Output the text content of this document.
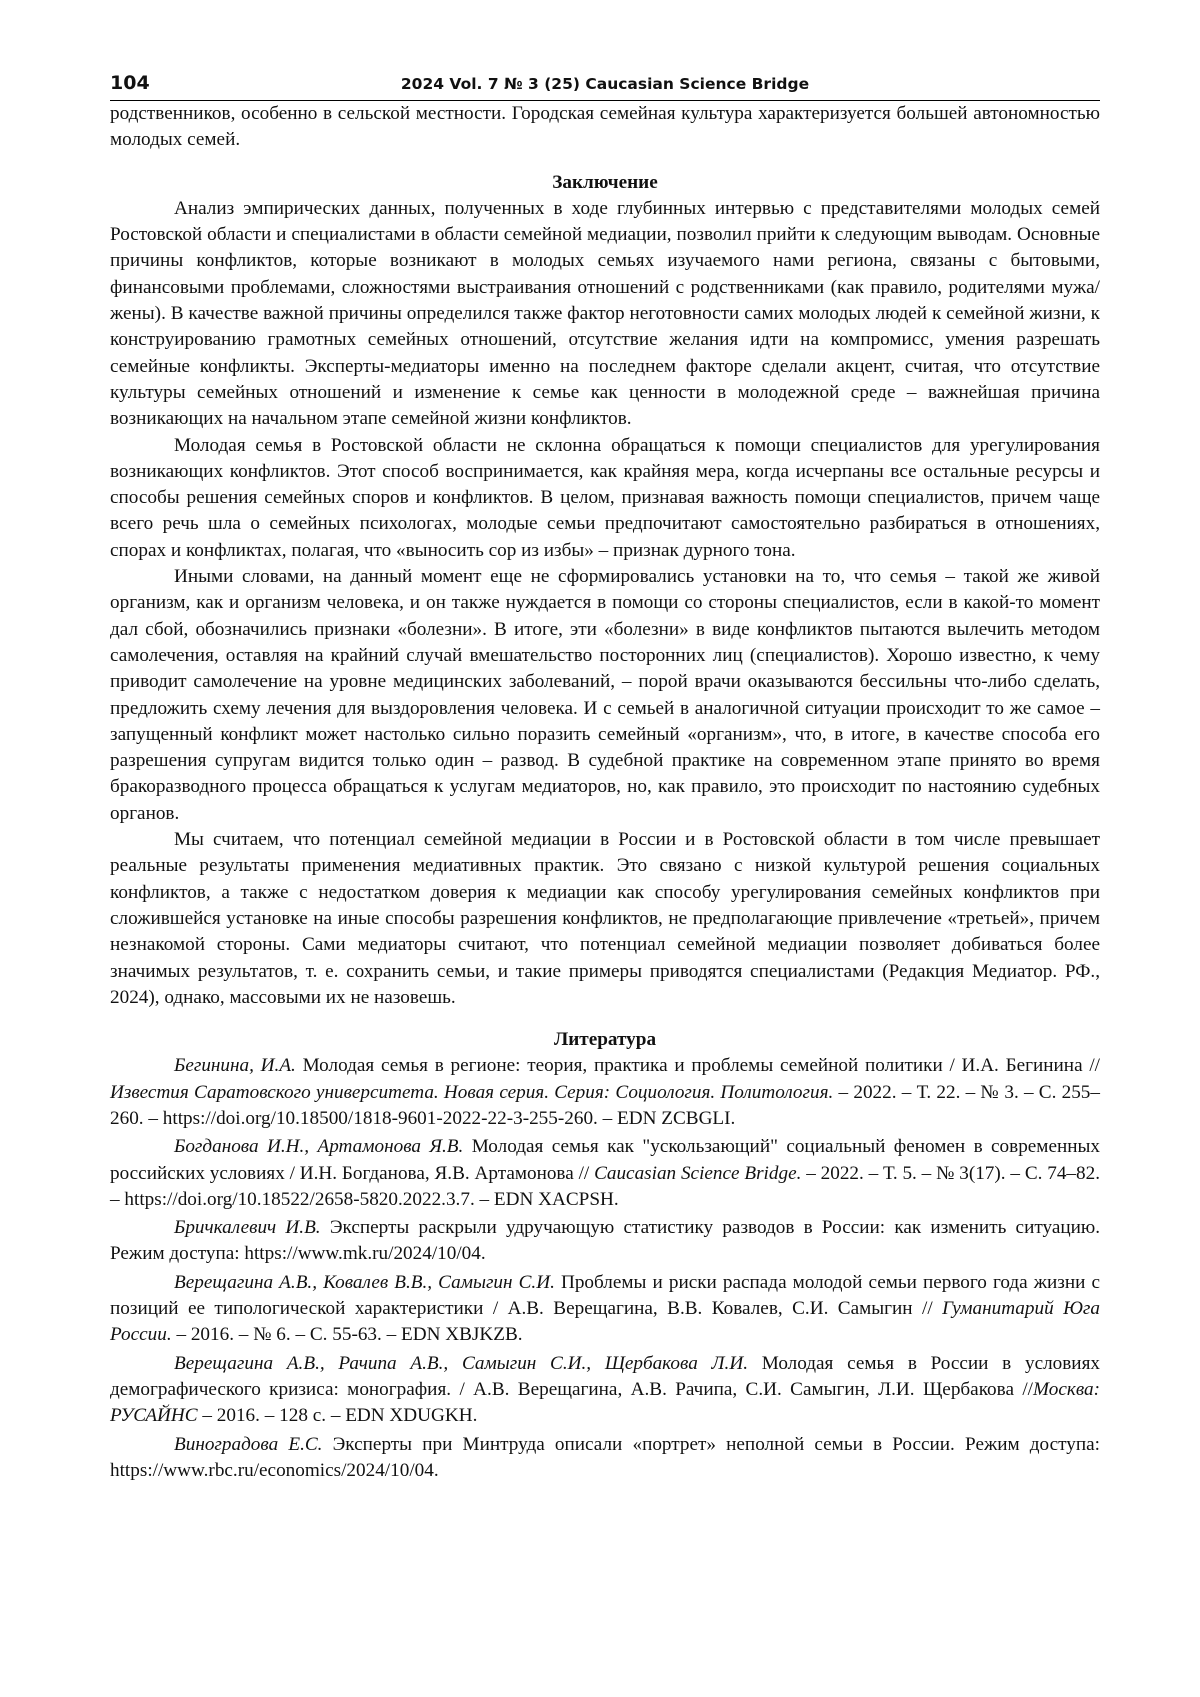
104	2024 Vol. 7 № 3 (25) Caucasian Science Bridge

родственников, особенно в сельской местности. Городская семейная культура характеризуется большей автономностью молодых семей.

Заключение

Анализ эмпирических данных, полученных в ходе глубинных интервью с представителями молодых семей Ростовской области и специалистами в области семейной медиации, позволил прийти к следующим выводам. Основные причины конфликтов, которые возникают в молодых семьях изучаемого нами региона, связаны с бытовыми, финансовыми проблемами, сложностями выстраивания отношений с родственниками (как правило, родителями мужа/жены). В качестве важной причины определился также фактор неготовности самих молодых людей к семейной жизни, к конструированию грамотных семейных отношений, отсутствие желания идти на компромисс, умения разрешать семейные конфликты. Эксперты-медиаторы именно на последнем факторе сделали акцент, считая, что отсутствие культуры семейных отношений и изменение к семье как ценности в молодежной среде – важнейшая причина возникающих на начальном этапе семейной жизни конфликтов.

Молодая семья в Ростовской области не склонна обращаться к помощи специалистов для урегулирования возникающих конфликтов. Этот способ воспринимается, как крайняя мера, когда исчерпаны все остальные ресурсы и способы решения семейных споров и конфликтов. В целом, признавая важность помощи специалистов, причем чаще всего речь шла о семейных психологах, молодые семьи предпочитают самостоятельно разбираться в отношениях, спорах и конфликтах, полагая, что «выносить сор из избы» – признак дурного тона.

Иными словами, на данный момент еще не сформировались установки на то, что семья – такой же живой организм, как и организм человека, и он также нуждается в помощи со стороны специалистов, если в какой-то момент дал сбой, обозначились признаки «болезни». В итоге, эти «болезни» в виде конфликтов пытаются вылечить методом самолечения, оставляя на крайний случай вмешательство посторонних лиц (специалистов). Хорошо известно, к чему приводит самолечение на уровне медицинских заболеваний, – порой врачи оказываются бессильны что-либо сделать, предложить схему лечения для выздоровления человека. И с семьей в аналогичной ситуации происходит то же самое – запущенный конфликт может настолько сильно поразить семейный «организм», что, в итоге, в качестве способа его разрешения супругам видится только один – развод. В судебной практике на современном этапе принято во время бракоразводного процесса обращаться к услугам медиаторов, но, как правило, это происходит по настоянию судебных органов.

Мы считаем, что потенциал семейной медиации в России и в Ростовской области в том числе превышает реальные результаты применения медиативных практик. Это связано с низкой культурой решения социальных конфликтов, а также с недостатком доверия к медиации как способу урегулирования семейных конфликтов при сложившейся установке на иные способы разрешения конфликтов, не предполагающие привлечение «третьей», причем незнакомой стороны. Сами медиаторы считают, что потенциал семейной медиации позволяет добиваться более значимых результатов, т. е. сохранить семьи, и такие примеры приводятся специалистами (Редакция Медиатор. РФ., 2024), однако, массовыми их не назовешь.

Литература

Бегинина, И.А. Молодая семья в регионе: теория, практика и проблемы семейной политики / И.А. Бегинина // Известия Саратовского университета. Новая серия. Серия: Социология. Политология. – 2022. – Т. 22. – № 3. – С. 255–260. – https://doi.org/10.18500/1818-9601-2022-22-3-255-260. – EDN ZCBGLI.

Богданова И.Н., Артамонова Я.В. Молодая семья как "ускользающий" социальный феномен в современных российских условиях / И.Н. Богданова, Я.В. Артамонова // Caucasian Science Bridge. – 2022. – Т. 5. – № 3(17). – С. 74–82. – https://doi.org/10.18522/2658-5820.2022.3.7. – EDN XACPSH.

Бричкалевич И.В. Эксперты раскрыли удручающую статистику разводов в России: как изменить ситуацию. Режим доступа: https://www.mk.ru/2024/10/04.

Верещагина А.В., Ковалев В.В., Самыгин С.И. Проблемы и риски распада молодой семьи первого года жизни с позиций ее типологической характеристики / А.В. Верещагина, В.В. Ковалев, С.И. Самыгин // Гуманитарий Юга России. – 2016. – № 6. – С. 55-63. – EDN XBJKZB.

Верещагина А.В., Рачипа А.В., Самыгин С.И., Щербакова Л.И. Молодая семья в России в условиях демографического кризиса: монография. / А.В. Верещагина, А.В. Рачипа, С.И. Самыгин, Л.И. Щербакова //Москва: РУСАЙНС – 2016. – 128 с. – EDN XDUGKH.

Виноградова Е.С. Эксперты при Минтруда описали «портрет» неполной семьи в России. Режим доступа: https://www.rbc.ru/economics/2024/10/04.
